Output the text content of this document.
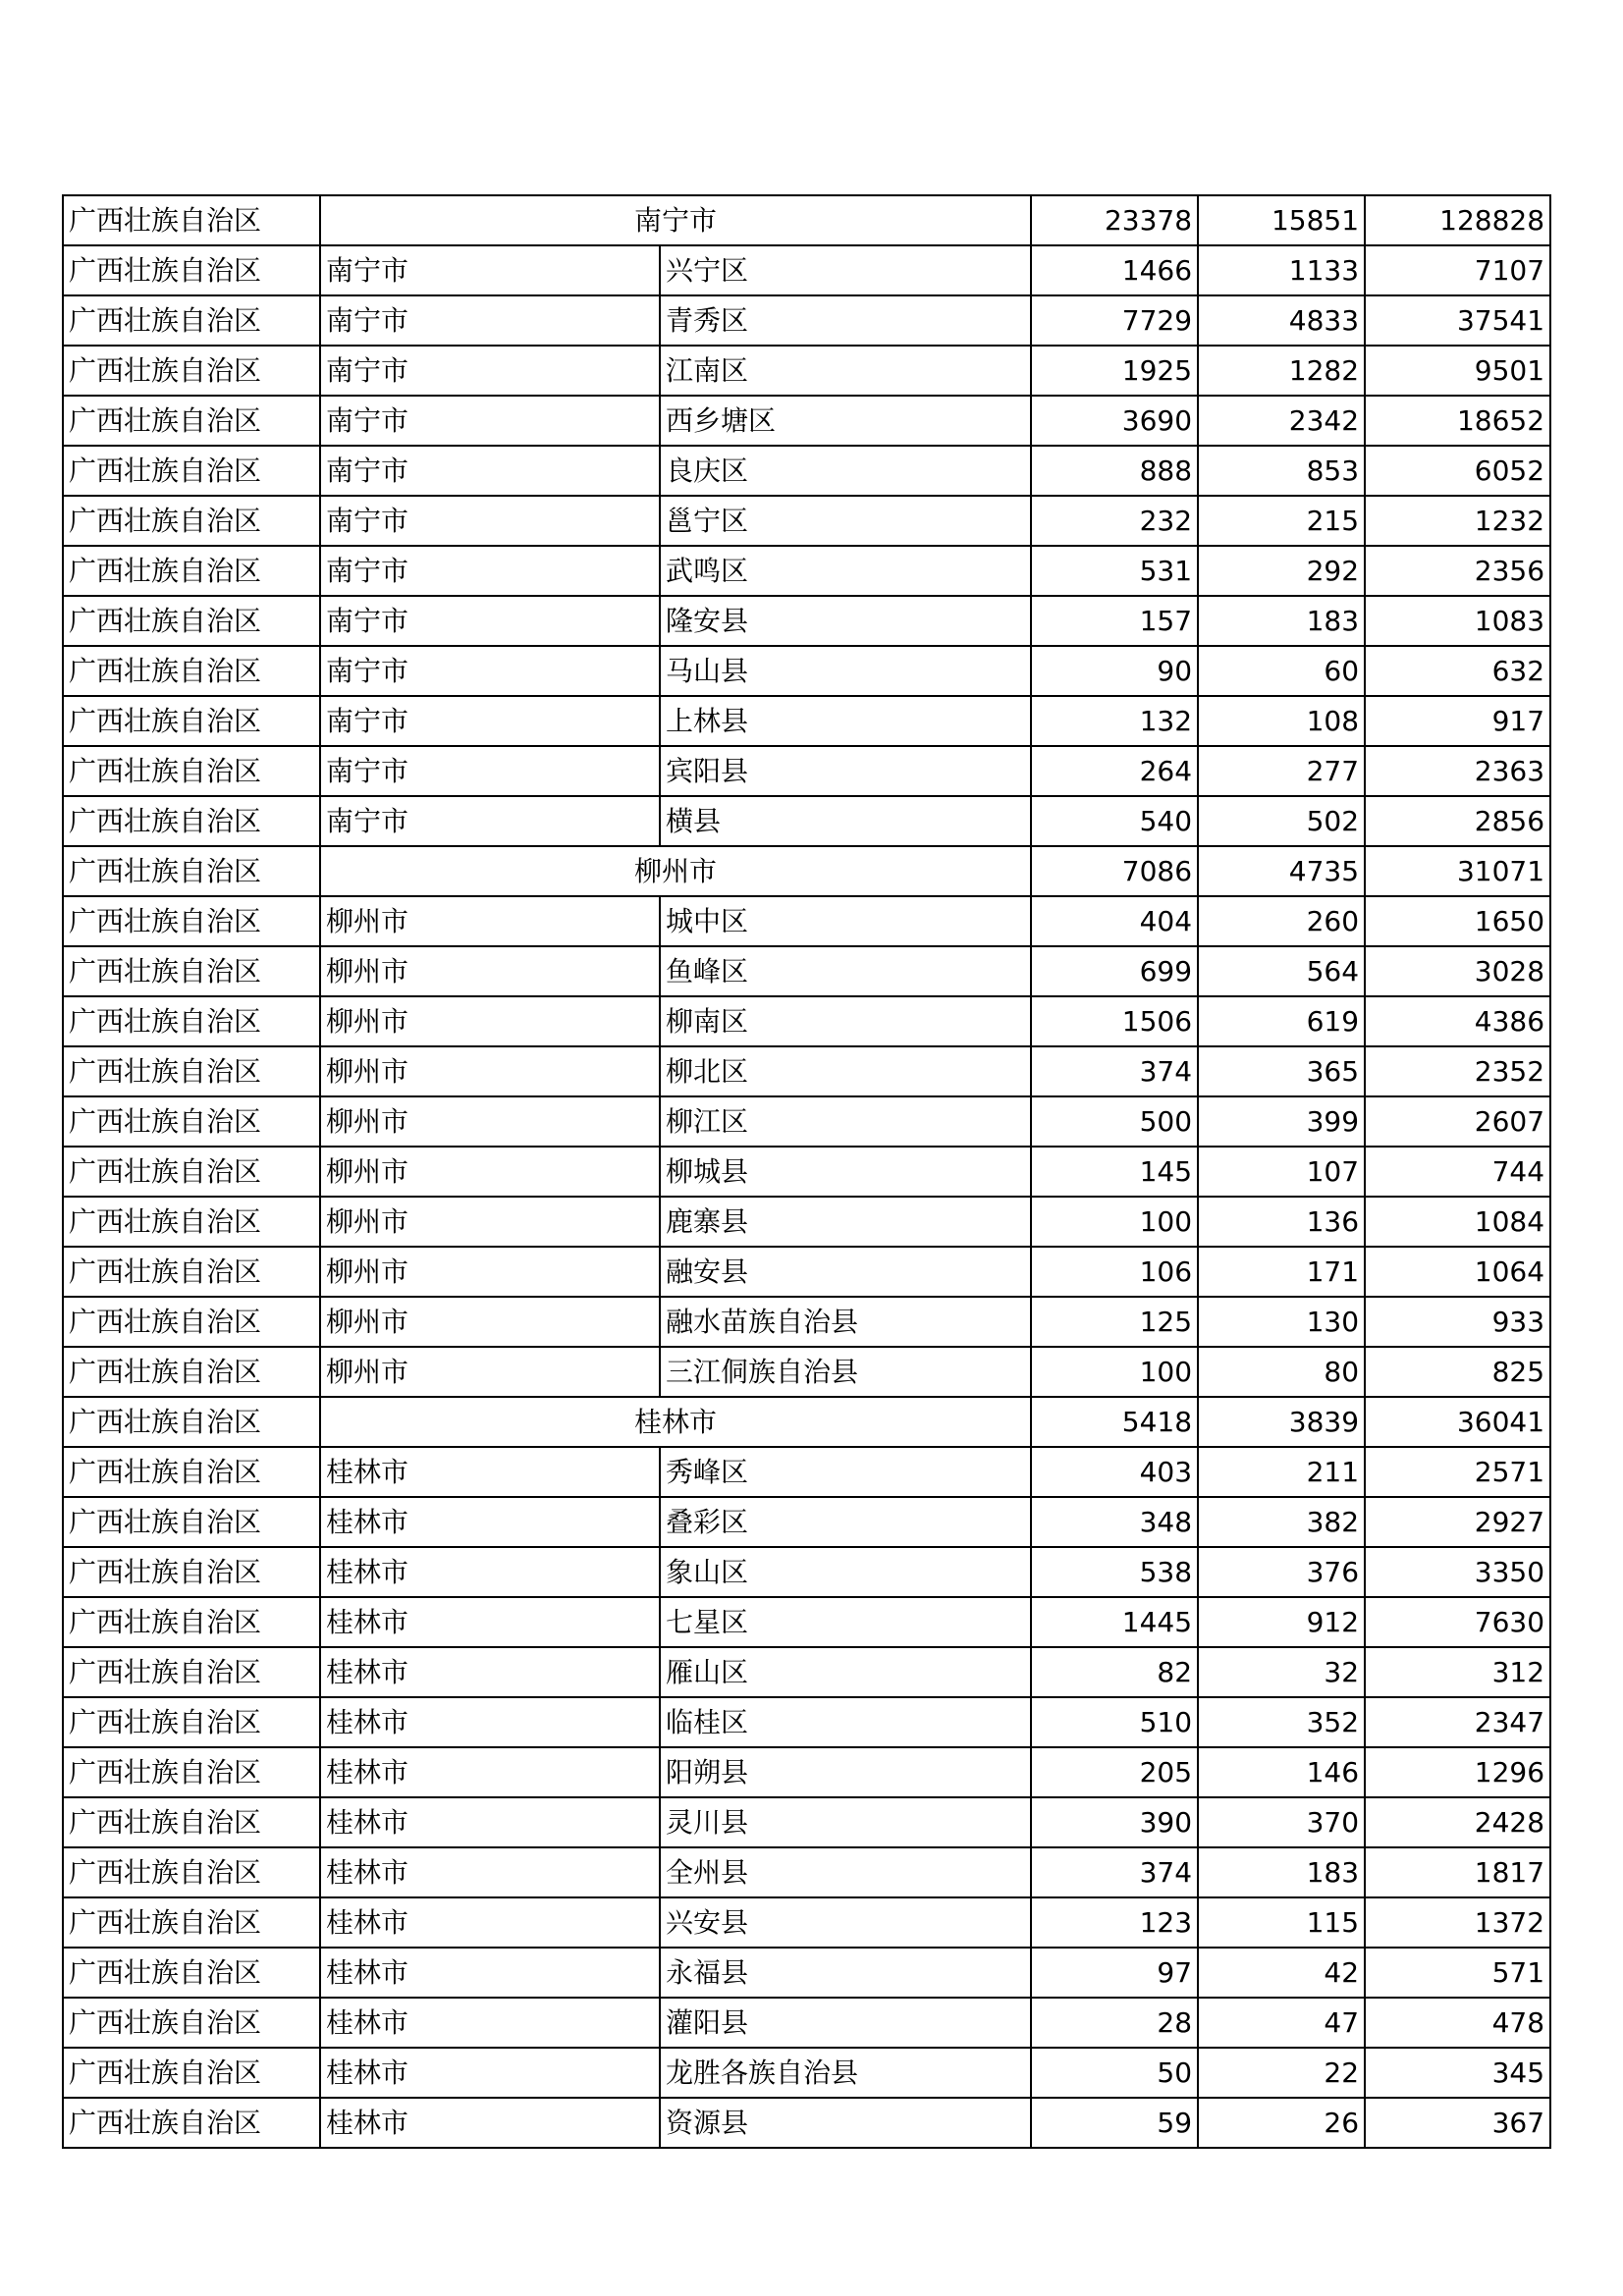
广西壮族自治区	南宁市		23378	15851	128828
广西壮族自治区	南宁市	兴宁区	1466	1133	7107
广西壮族自治区	南宁市	青秀区	7729	4833	37541
广西壮族自治区	南宁市	江南区	1925	1282	9501
广西壮族自治区	南宁市	西乡塘区	3690	2342	18652
广西壮族自治区	南宁市	良庆区	888	853	6052
广西壮族自治区	南宁市	邕宁区	232	215	1232
广西壮族自治区	南宁市	武鸣区	531	292	2356
广西壮族自治区	南宁市	隆安县	157	183	1083
广西壮族自治区	南宁市	马山县	90	60	632
广西壮族自治区	南宁市	上林县	132	108	917
广西壮族自治区	南宁市	宾阳县	264	277	2363
广西壮族自治区	南宁市	横县	540	502	2856
广西壮族自治区	柳州市		7086	4735	31071
广西壮族自治区	柳州市	城中区	404	260	1650
广西壮族自治区	柳州市	鱼峰区	699	564	3028
广西壮族自治区	柳州市	柳南区	1506	619	4386
广西壮族自治区	柳州市	柳北区	374	365	2352
广西壮族自治区	柳州市	柳江区	500	399	2607
广西壮族自治区	柳州市	柳城县	145	107	744
广西壮族自治区	柳州市	鹿寨县	100	136	1084
广西壮族自治区	柳州市	融安县	106	171	1064
广西壮族自治区	柳州市	融水苗族自治县	125	130	933
广西壮族自治区	柳州市	三江侗族自治县	100	80	825
广西壮族自治区	桂林市		5418	3839	36041
广西壮族自治区	桂林市	秀峰区	403	211	2571
广西壮族自治区	桂林市	叠彩区	348	382	2927
广西壮族自治区	桂林市	象山区	538	376	3350
广西壮族自治区	桂林市	七星区	1445	912	7630
广西壮族自治区	桂林市	雁山区	82	32	312
广西壮族自治区	桂林市	临桂区	510	352	2347
广西壮族自治区	桂林市	阳朔县	205	146	1296
广西壮族自治区	桂林市	灵川县	390	370	2428
广西壮族自治区	桂林市	全州县	374	183	1817
广西壮族自治区	桂林市	兴安县	123	115	1372
广西壮族自治区	桂林市	永福县	97	42	571
广西壮族自治区	桂林市	灌阳县	28	47	478
广西壮族自治区	桂林市	龙胜各族自治县	50	22	345
广西壮族自治区	桂林市	资源县	59	26	367
